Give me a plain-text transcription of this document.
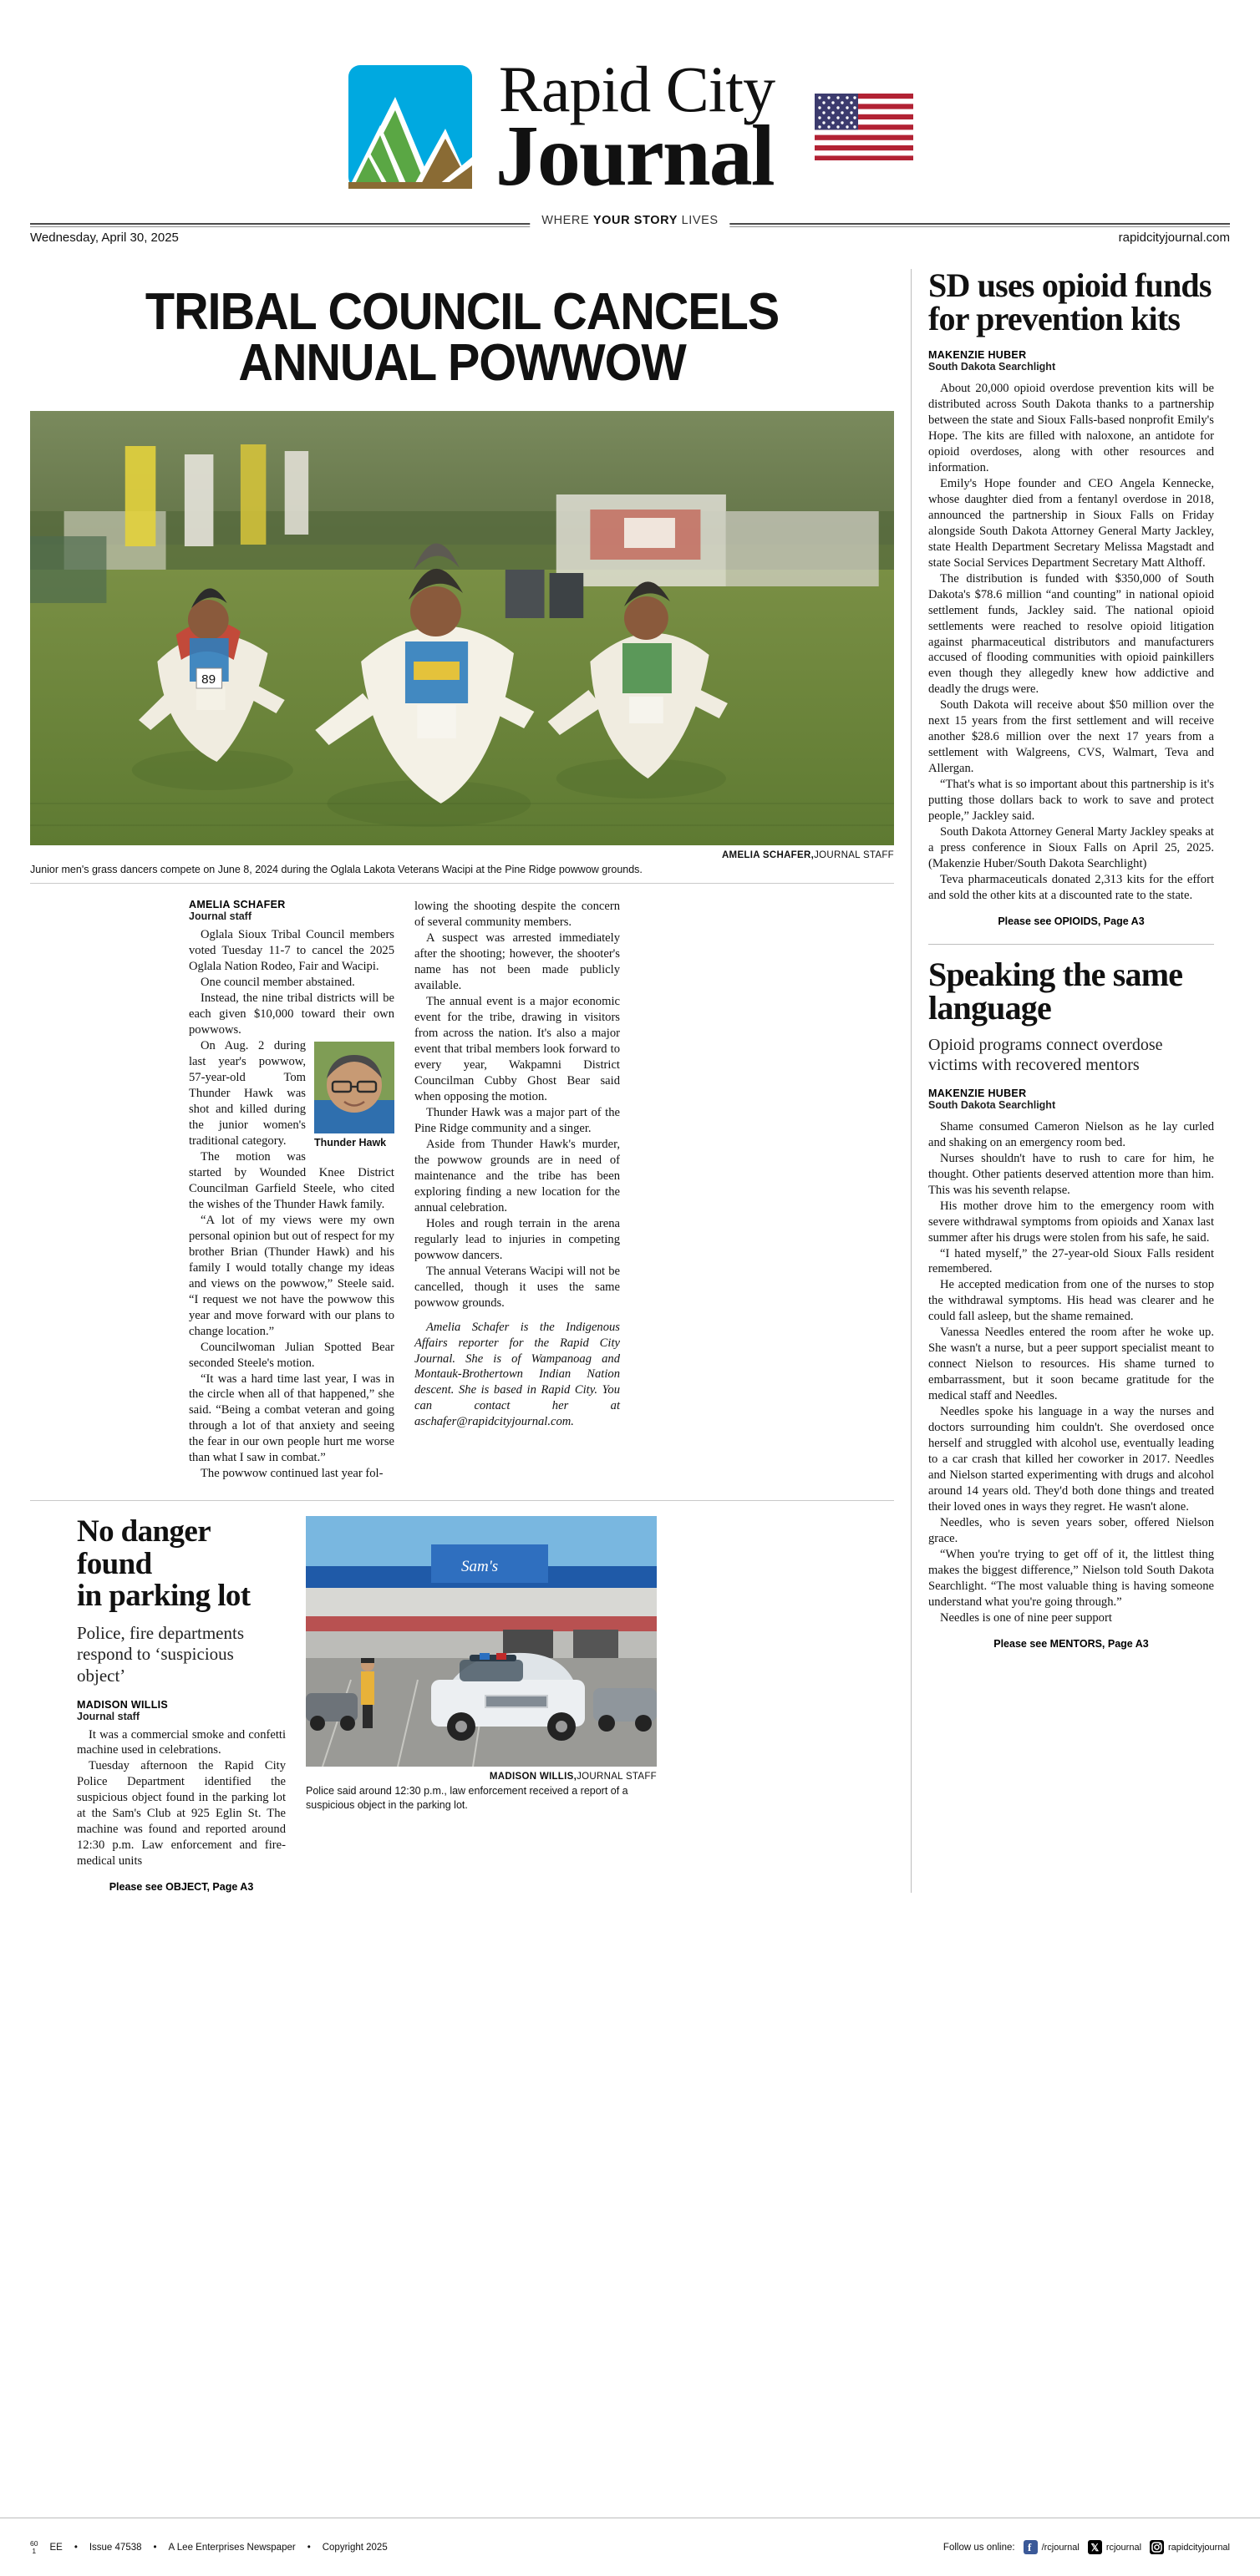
Rapid City
Journal
WHERE YOUR STORY LIVES
Wednesday, April 30, 2025	rapidcityjournal.com
TRIBAL COUNCIL CANCELS
ANNUAL POWWOW
89
AMELIA SCHAFER, JOURNAL STAFF
Junior men's grass dancers compete on June 8, 2024 during the Oglala Lakota Veterans Wacipi at the Pine Ridge powwow grounds.
AMELIA SCHAFER
Journal staff

Oglala Sioux Tribal Council members voted Tuesday 11-7 to cancel the 2025 Oglala Nation Rodeo, Fair and Wacipi.

One council member abstained.

Instead, the nine tribal districts will be each given $10,000 toward their own powwows.

Thunder Hawk

On Aug. 2 during last year's powwow, 57-year-old Tom Thunder Hawk was shot and killed during the junior women's traditional category.

The motion was started by Wounded Knee District Councilman Garfield Steele, who cited the wishes of the Thunder Hawk family.

“A lot of my views were my own personal opinion but out of respect for my brother Brian (Thunder Hawk) and his family I would totally change my ideas and views on the powwow,” Steele said. “I request we not have the powwow this year and move forward with our plans to change location.”

Councilwoman Julian Spotted Bear seconded Steele's motion.

“It was a hard time last year, I was in the circle when all of that happened,” she said. “Being a combat veteran and going through a lot of that anxiety and seeing the fear in our own people hurt me worse than what I saw in combat.”

The powwow continued last year fol-

lowing the shooting despite the concern of several community members.

A suspect was arrested immediately after the shooting; however, the shooter's name has not been made publicly available.

The annual event is a major economic event for the tribe, drawing in visitors from across the nation. It's also a major event that tribal members look forward to every year, Wakpamni District Councilman Cubby Ghost Bear said when opposing the motion.

Thunder Hawk was a major part of the Pine Ridge community and a singer.

Aside from Thunder Hawk's murder, the powwow grounds are in need of maintenance and the tribe has been exploring finding a new location for the annual celebration.

Holes and rough terrain in the arena regularly lead to injuries in competing powwow dancers.

The annual Veterans Wacipi will not be cancelled, though it uses the same powwow grounds.

Amelia Schafer is the Indigenous Affairs reporter for the Rapid City Journal. She is of Wampanoag and Montauk-Brothertown Indian Nation descent. She is based in Rapid City. You can contact her at aschafer@rapidcityjournal.com.

No danger found
in parking lot
Police, fire departments respond to ‘suspicious object’
MADISON WILLIS
Journal staff

It was a commercial smoke and confetti machine used in celebrations.

Tuesday afternoon the Rapid City Police Department identified the suspicious object found in the parking lot at the Sam's Club at 925 Eglin St. The machine was found and reported around 12:30 p.m. Law enforcement and fire-medical units

Please see OBJECT, Page A3
Sam's
MADISON WILLIS, JOURNAL STAFF
Police said around 12:30 p.m., law enforcement received a report of a suspicious object in the parking lot.
SD uses opioid funds for prevention kits
MAKENZIE HUBER
South Dakota Searchlight

About 20,000 opioid overdose prevention kits will be distributed across South Dakota thanks to a partnership between the state and Sioux Falls-based nonprofit Emily's Hope. The kits are filled with naloxone, an antidote for opioid overdoses, along with other resources and information.

Emily's Hope founder and CEO Angela Kennecke, whose daughter died from a fentanyl overdose in 2018, announced the partnership in Sioux Falls on Friday alongside South Dakota Attorney General Marty Jackley, state Health Department Secretary Melissa Magstadt and state Social Services Department Secretary Matt Althoff.

The distribution is funded with $350,000 of South Dakota's $78.6 million “and counting” in national opioid settlement funds, Jackley said. The national opioid settlements were reached to resolve opioid litigation against pharmaceutical distributors and manufacturers accused of flooding communities with opioid painkillers even though they allegedly knew how addictive and deadly the drugs were.

South Dakota will receive about $50 million over the next 15 years from the first settlement and will receive another $28.6 million over the next 17 years from a settlement with Walgreens, CVS, Walmart, Teva and Allergan.

“That's what is so important about this partnership is it's putting those dollars back to work to save and protect people,” Jackley said.

South Dakota Attorney General Marty Jackley speaks at a press conference in Sioux Falls on April 25, 2025. (Makenzie Huber/South Dakota Searchlight)

Teva pharmaceuticals donated 2,313 kits for the effort and sold the other kits at a discounted rate to the state.

Please see OPIOIDS, Page A3
Speaking the same language
Opioid programs connect overdose victims with recovered mentors
MAKENZIE HUBER
South Dakota Searchlight

Shame consumed Cameron Nielson as he lay curled and shaking on an emergency room bed.

Nurses shouldn't have to rush to care for him, he thought. Other patients deserved attention more than him. This was his seventh relapse.

His mother drove him to the emergency room with severe withdrawal symptoms from opioids and Xanax last summer after his drugs were stolen from his safe, he said.

“I hated myself,” the 27-year-old Sioux Falls resident remembered.

He accepted medication from one of the nurses to stop the withdrawal symptoms. His head was clearer and he could fall asleep, but the shame remained.

Vanessa Needles entered the room after he woke up. She wasn't a nurse, but a peer support specialist meant to connect Nielson to resources. His shame turned to embarrassment, but it soon became gratitude for the medical staff and Needles.

Needles spoke his language in a way the nurses and doctors surrounding him couldn't. She overdosed once herself and struggled with alcohol use, eventually leading to a car crash that killed her coworker in 2017. Needles and Nielson started experimenting with drugs and alcohol around 14 years old. They'd both done things and treated their loved ones in ways they regret. He wasn't alone.

Needles, who is seven years sober, offered Nielson grace.

“When you're trying to get off of it, the littlest thing makes the biggest difference,” Nielson told South Dakota Searchlight. “The most valuable thing is having someone understand what you're going through.”

Needles is one of nine peer support

Please see MENTORS, Page A3
60
1 EE • Issue 47538 • A Lee Enterprises Newspaper • Copyright 2025	Follow us online: f /rcjournal 𝕏 rcjournal	rapidcityjournal
